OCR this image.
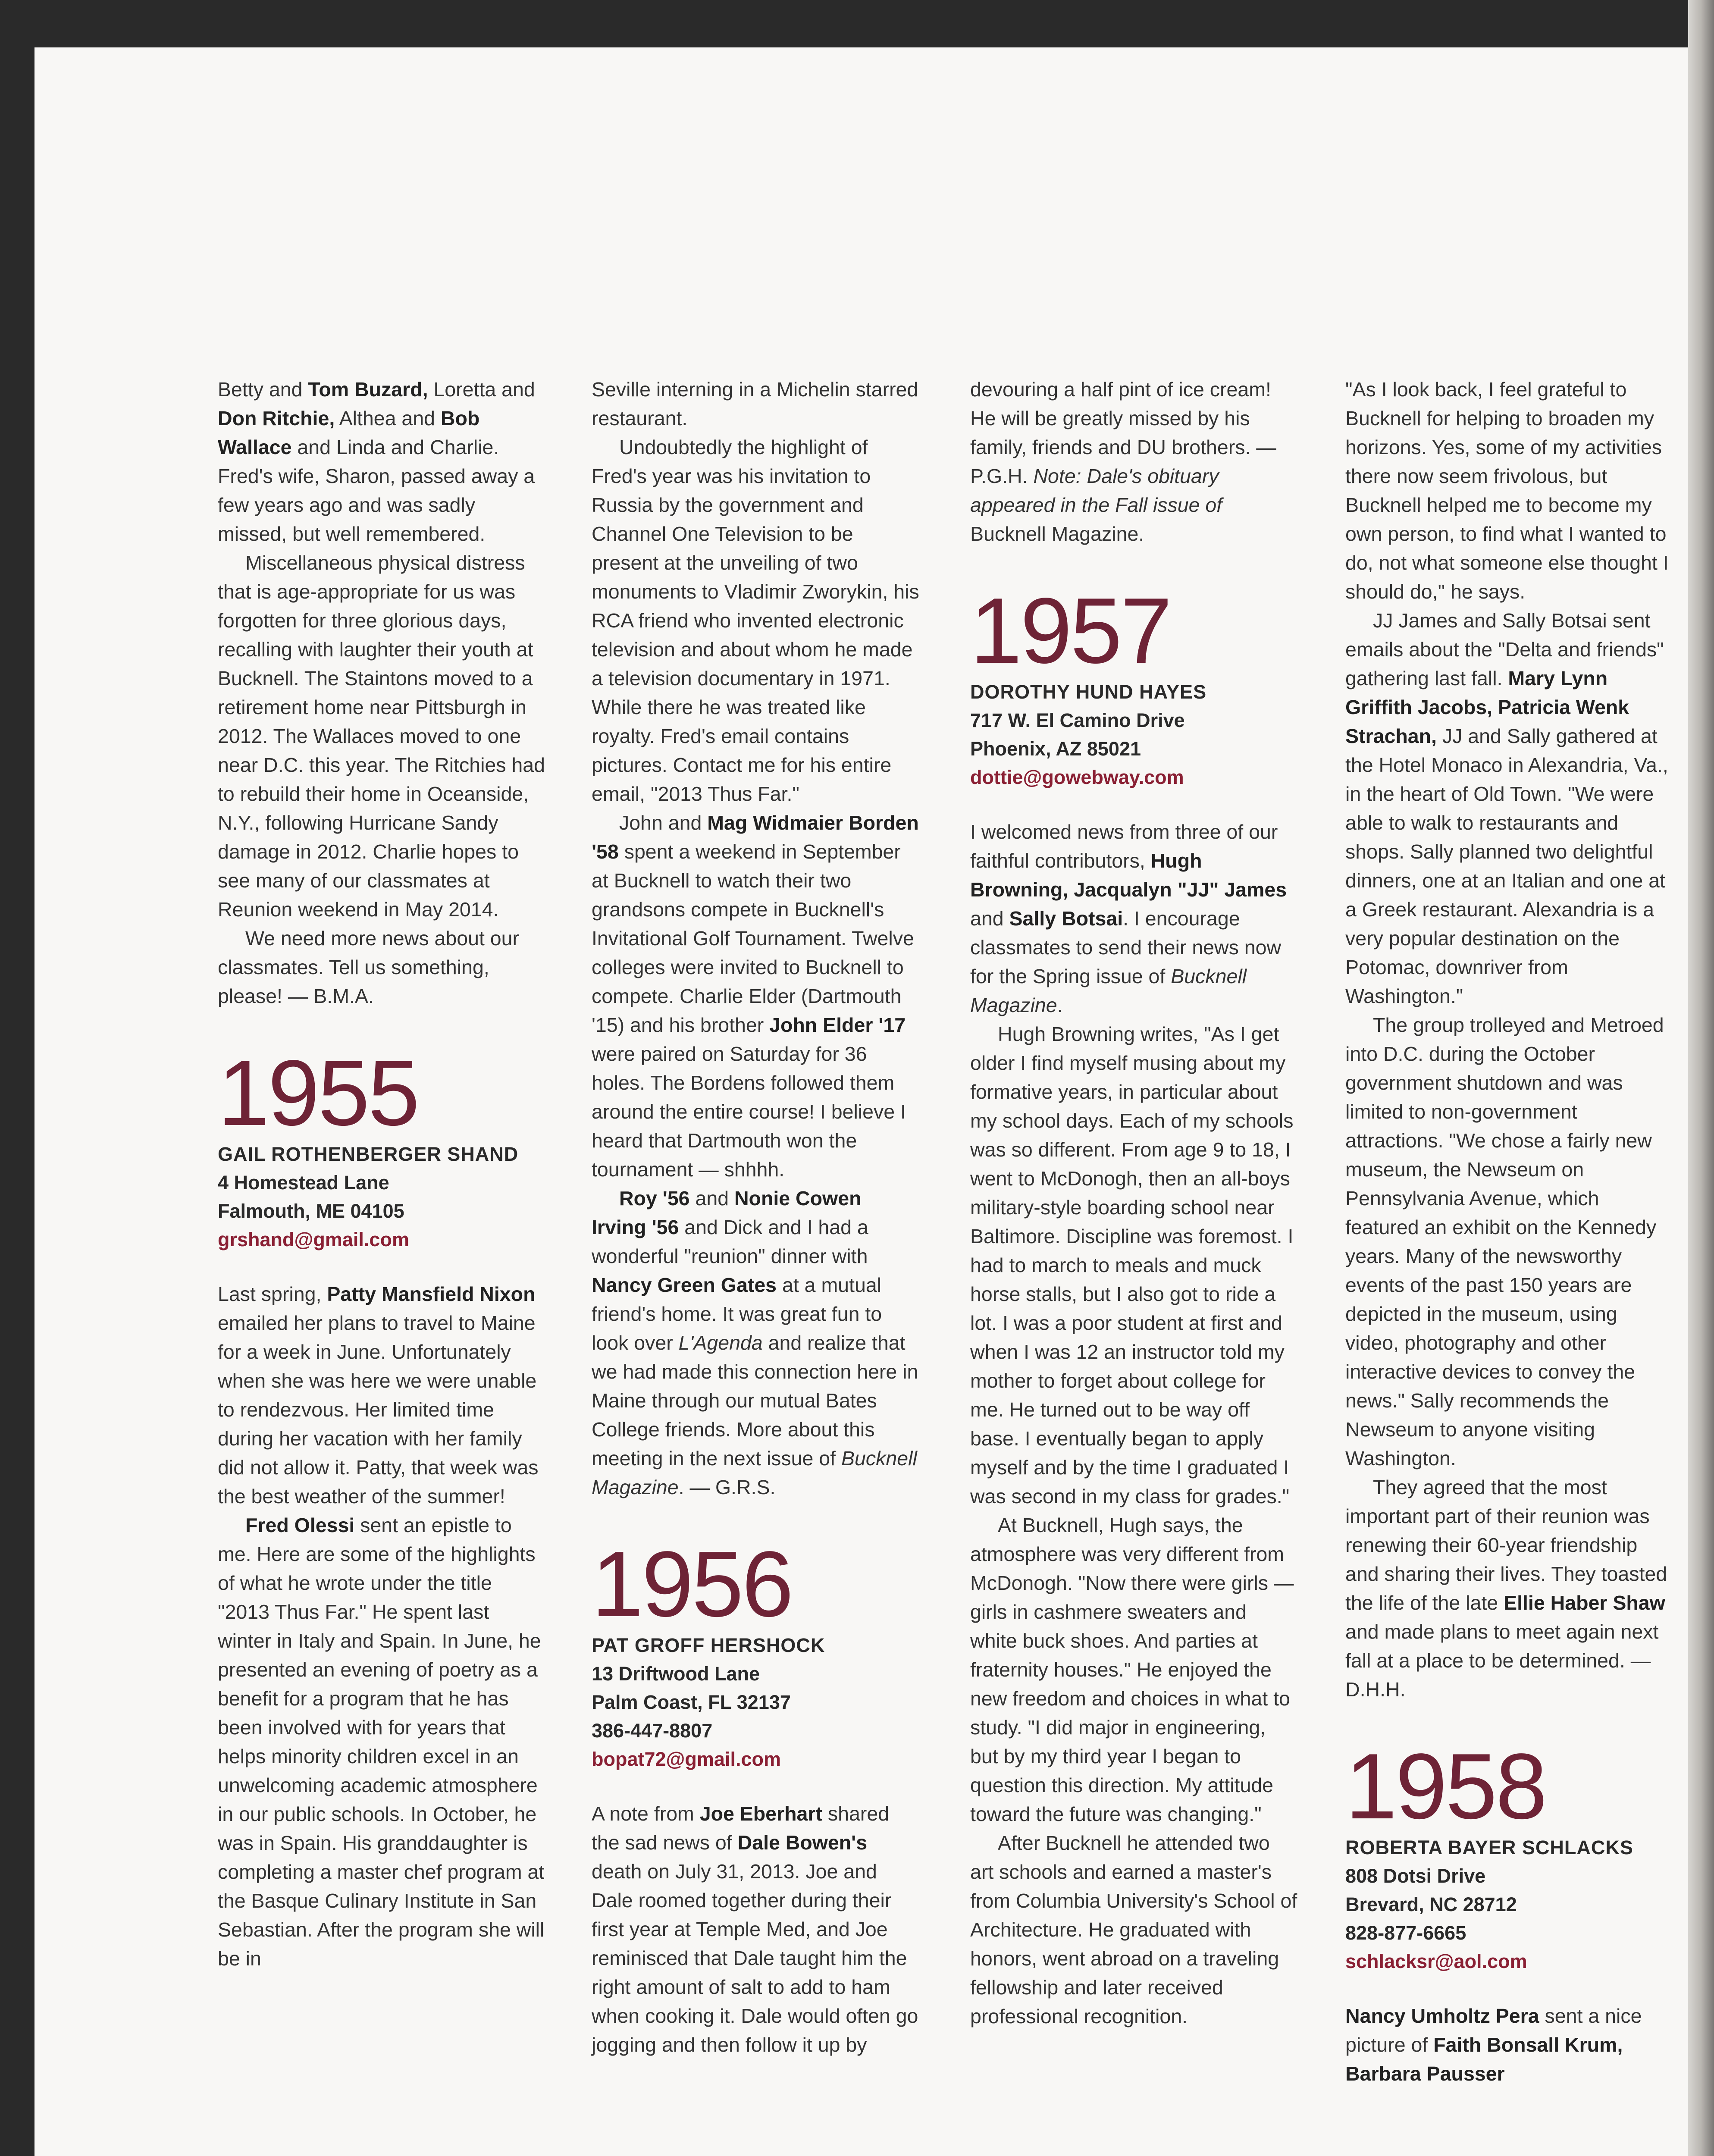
Betty and Tom Buzard, Loretta and Don Ritchie, Althea and Bob Wallace and Linda and Charlie. Fred's wife, Sharon, passed away a few years ago and was sadly missed, but well remembered.

Miscellaneous physical distress that is age-appropriate for us was forgotten for three glorious days, recalling with laughter their youth at Bucknell. The Staintons moved to a retirement home near Pittsburgh in 2012. The Wallaces moved to one near D.C. this year. The Ritchies had to rebuild their home in Oceanside, N.Y., following Hurricane Sandy damage in 2012. Charlie hopes to see many of our classmates at Reunion weekend in May 2014.

We need more news about our classmates. Tell us something, please! — B.M.A.

1955
GAIL ROTHENBERGER SHAND
4 Homestead Lane
Falmouth, ME 04105
grshand@gmail.com

Last spring, Patty Mansfield Nixon emailed her plans to travel to Maine for a week in June. Unfortunately when she was here we were unable to rendezvous. Her limited time during her vacation with her family did not allow it. Patty, that week was the best weather of the summer!

Fred Olessi sent an epistle to me. Here are some of the highlights of what he wrote under the title "2013 Thus Far." He spent last winter in Italy and Spain. In June, he presented an evening of poetry as a benefit for a program that he has been involved with for years that helps minority children excel in an unwelcoming academic atmosphere in our public schools. In October, he was in Spain. His granddaughter is completing a master chef program at the Basque Culinary Institute in San Sebastian. After the program she will be in

Seville interning in a Michelin starred restaurant.

Undoubtedly the highlight of Fred's year was his invitation to Russia by the government and Channel One Television to be present at the unveiling of two monuments to Vladimir Zworykin, his RCA friend who invented electronic television and about whom he made a television documentary in 1971. While there he was treated like royalty. Fred's email contains pictures. Contact me for his entire email, "2013 Thus Far."

John and Mag Widmaier Borden '58 spent a weekend in September at Bucknell to watch their two grandsons compete in Bucknell's Invitational Golf Tournament. Twelve colleges were invited to Bucknell to compete. Charlie Elder (Dartmouth '15) and his brother John Elder '17 were paired on Saturday for 36 holes. The Bordens followed them around the entire course! I believe I heard that Dartmouth won the tournament — shhhh.

Roy '56 and Nonie Cowen Irving '56 and Dick and I had a wonderful "reunion" dinner with Nancy Green Gates at a mutual friend's home. It was great fun to look over L'Agenda and realize that we had made this connection here in Maine through our mutual Bates College friends. More about this meeting in the next issue of Bucknell Magazine. — G.R.S.

1956
PAT GROFF HERSHOCK
13 Driftwood Lane
Palm Coast, FL 32137
386-447-8807
bopat72@gmail.com

A note from Joe Eberhart shared the sad news of Dale Bowen's death on July 31, 2013. Joe and Dale roomed together during their first year at Temple Med, and Joe reminisced that Dale taught him the right amount of salt to add to ham when cooking it. Dale would often go jogging and then follow it up by

devouring a half pint of ice cream! He will be greatly missed by his family, friends and DU brothers. — P.G.H. Note: Dale's obituary appeared in the Fall issue of Bucknell Magazine.

1957
DOROTHY HUND HAYES
717 W. El Camino Drive
Phoenix, AZ 85021
dottie@gowebway.com

I welcomed news from three of our faithful contributors, Hugh Browning, Jacqualyn "JJ" James and Sally Botsai. I encourage classmates to send their news now for the Spring issue of Bucknell Magazine.

Hugh Browning writes, "As I get older I find myself musing about my formative years, in particular about my school days. Each of my schools was so different. From age 9 to 18, I went to McDonogh, then an all-boys military-style boarding school near Baltimore. Discipline was foremost. I had to march to meals and muck horse stalls, but I also got to ride a lot. I was a poor student at first and when I was 12 an instructor told my mother to forget about college for me. He turned out to be way off base. I eventually began to apply myself and by the time I graduated I was second in my class for grades."

At Bucknell, Hugh says, the atmosphere was very different from McDonogh. "Now there were girls — girls in cashmere sweaters and white buck shoes. And parties at fraternity houses." He enjoyed the new freedom and choices in what to study. "I did major in engineering, but by my third year I began to question this direction. My attitude toward the future was changing."

After Bucknell he attended two art schools and earned a master's from Columbia University's School of Architecture. He graduated with honors, went abroad on a traveling fellowship and later received professional recognition.

"As I look back, I feel grateful to Bucknell for helping to broaden my horizons. Yes, some of my activities there now seem frivolous, but Bucknell helped me to become my own person, to find what I wanted to do, not what someone else thought I should do," he says.

JJ James and Sally Botsai sent emails about the "Delta and friends" gathering last fall. Mary Lynn Griffith Jacobs, Patricia Wenk Strachan, JJ and Sally gathered at the Hotel Monaco in Alexandria, Va., in the heart of Old Town. "We were able to walk to restaurants and shops. Sally planned two delightful dinners, one at an Italian and one at a Greek restaurant. Alexandria is a very popular destination on the Potomac, downriver from Washington."

The group trolleyed and Metroed into D.C. during the October government shutdown and was limited to non-government attractions. "We chose a fairly new museum, the Newseum on Pennsylvania Avenue, which featured an exhibit on the Kennedy years. Many of the newsworthy events of the past 150 years are depicted in the museum, using video, photography and other interactive devices to convey the news." Sally recommends the Newseum to anyone visiting Washington.

They agreed that the most important part of their reunion was renewing their 60-year friendship and sharing their lives. They toasted the life of the late Ellie Haber Shaw and made plans to meet again next fall at a place to be determined. — D.H.H.

1958
ROBERTA BAYER SCHLACKS
808 Dotsi Drive
Brevard, NC 28712
828-877-6665
schlacksr@aol.com

Nancy Umholtz Pera sent a nice picture of Faith Bonsall Krum, Barbara Pausser
